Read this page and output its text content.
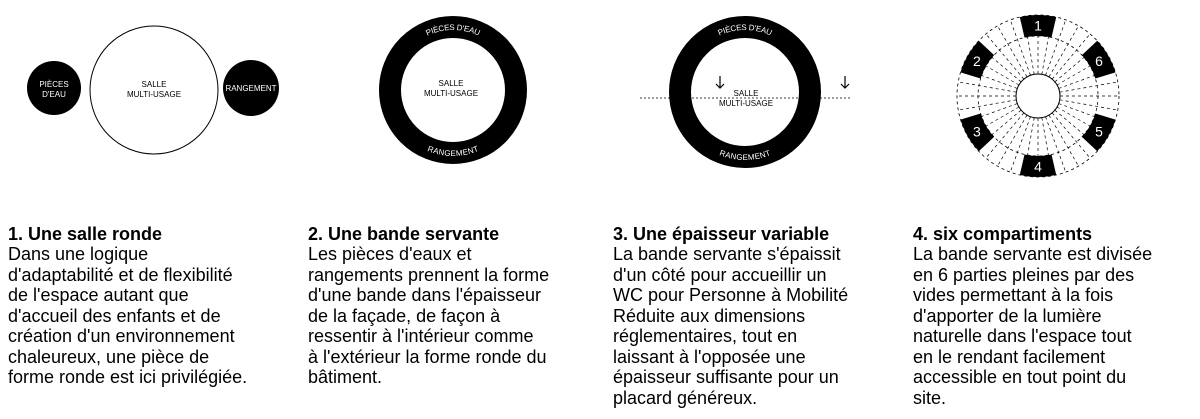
PIÈCES
D'EAU
SALLE
MULTI-USAGE
RANGEMENT
PIÈCES D'EAU
RANGEMENT
SALLE
MULTI-USAGE
PIÈCES D'EAU
RANGEMENT
SALLE
MULTI-USAGE
1
2
3
4
5
6
1. Une salle ronde
Dans une logique
d'adaptabilité et de flexibilité
de l'espace autant que
d'accueil des enfants et de
création d'un environnement
chaleureux, une pièce de
forme ronde est ici privilégiée.
2. Une bande servante
Les pièces d'eaux et
rangements prennent la forme
d'une bande dans l'épaisseur
de la façade, de façon à
ressentir à l'intérieur comme
à l'extérieur la forme ronde du
bâtiment.
3. Une épaisseur variable
La bande servante s'épaissit
d'un côté pour accueillir un
WC pour Personne à Mobilité
Réduite aux dimensions
réglementaires, tout en
laissant à l'opposée une
épaisseur suffisante pour un
placard généreux.
4. six compartiments
La bande servante est divisée
en 6 parties pleines par des
vides permettant à la fois
d'apporter de la lumière
naturelle dans l'espace tout
en le rendant facilement
accessible en tout point du
site.
